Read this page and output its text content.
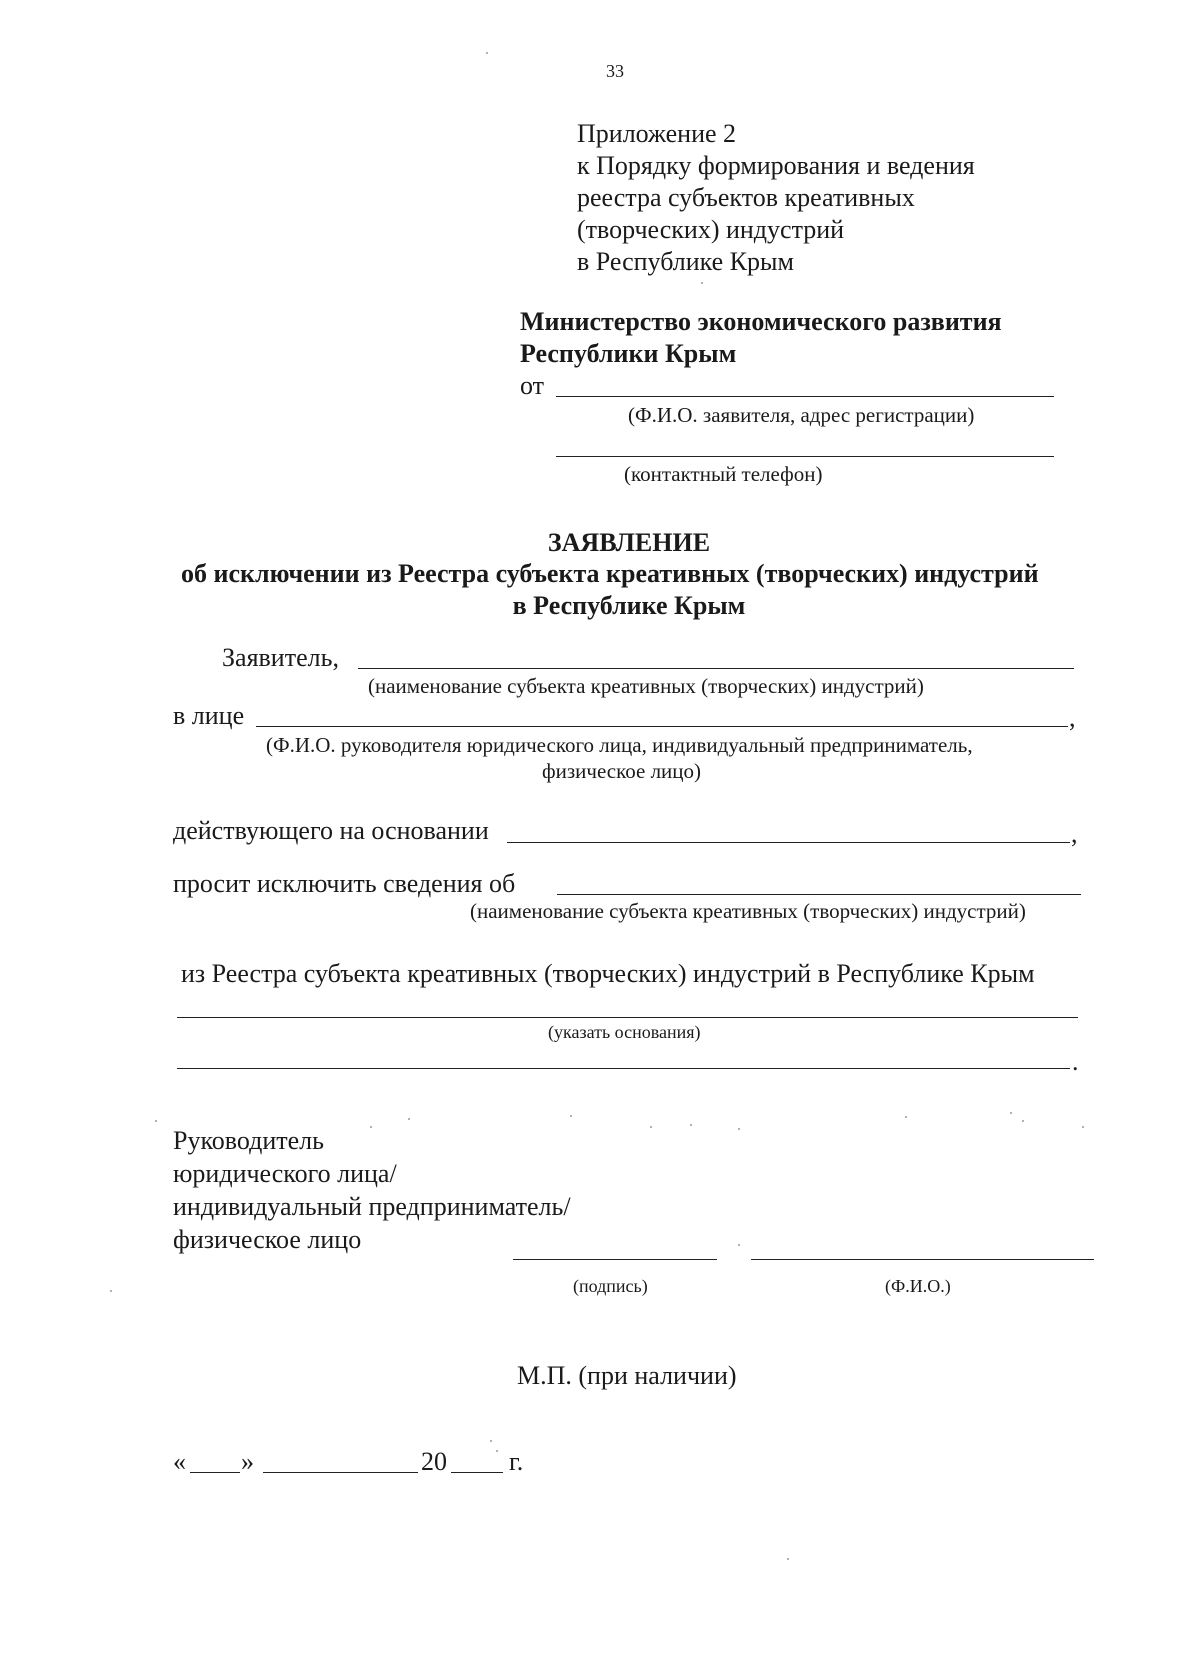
33
Приложение 2
к Порядку формирования и ведения
реестра субъектов креативных
(творческих) индустрий
в Республике Крым
Министерство экономического развития
Республики Крым
от
(Ф.И.О. заявителя, адрес регистрации)
(контактный телефон)
ЗАЯВЛЕНИЕ
об исключении из Реестра субъекта креативных (творческих) индустрий
в Республике Крым
Заявитель,
(наименование субъекта креативных (творческих) индустрий)
в лице	,
(Ф.И.О. руководителя юридического лица, индивидуальный предприниматель,
физическое лицо)
действующего на основании	,
просит исключить сведения об
(наименование субъекта креативных (творческих) индустрий)
из Реестра субъекта креативных (творческих) индустрий в Республике Крым
(указать основания)
.
Руководитель
юридического лица/
индивидуальный предприниматель/
физическое лицо
(подпись)	(Ф.И.О.)
М.П. (при наличии)
« »	20 г.
